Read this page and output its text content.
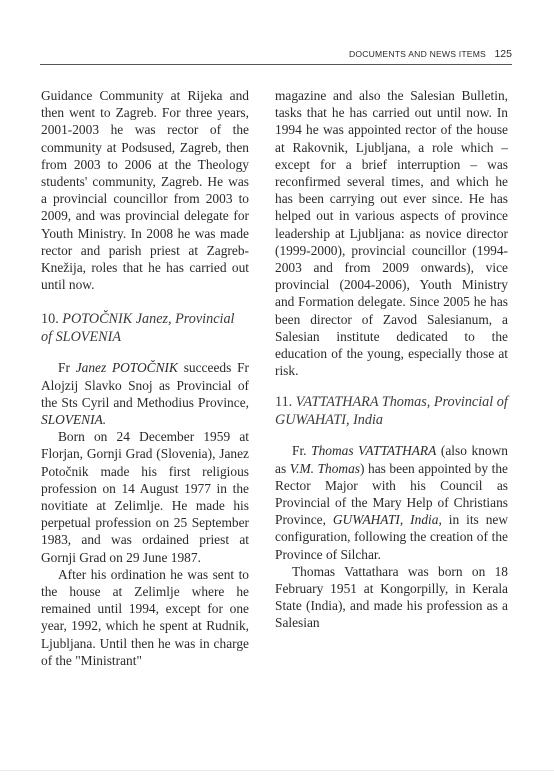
DOCUMENTS AND NEWS ITEMS 125

Guidance Community at Rijeka and then went to Zagreb. For three years, 2001-2003 he was rector of the community at Podsused, Zagreb, then from 2003 to 2006 at the Theology students' community, Zagreb. He was a provincial councillor from 2003 to 2009, and was provincial delegate for Youth Ministry. In 2008 he was made rector and parish priest at Zagreb-Knežija, roles that he has carried out until now.

10. POTOČNIK Janez, Provincial of SLOVENIA

Fr Janez POTOČNIK succeeds Fr Alojzij Slavko Snoj as Provincial of the Sts Cyril and Methodius Province, SLOVENIA.

Born on 24 December 1959 at Florjan, Gornji Grad (Slovenia), Janez Potočnik made his first religious profession on 14 August 1977 in the novitiate at Zelimlje. He made his perpetual profession on 25 September 1983, and was ordained priest at Gornji Grad on 29 June 1987.

After his ordination he was sent to the house at Zelimlje where he remained until 1994, except for one year, 1992, which he spent at Rudnik, Ljubljana. Until then he was in charge of the "Ministrant"

magazine and also the Salesian Bulletin, tasks that he has carried out until now. In 1994 he was appointed rector of the house at Rakovnik, Ljubljana, a role which – except for a brief interruption – was reconfirmed several times, and which he has been carrying out ever since. He has helped out in various aspects of province leadership at Ljubljana: as novice director (1999-2000), provincial councillor (1994-2003 and from 2009 onwards), vice provincial (2004-2006), Youth Ministry and Formation delegate. Since 2005 he has been director of Zavod Salesianum, a Salesian institute dedicated to the education of the young, especially those at risk.

11. VATTATHARA Thomas, Provincial of GUWAHATI, India

Fr. Thomas VATTATHARA (also known as V.M. Thomas) has been appointed by the Rector Major with his Council as Provincial of the Mary Help of Christians Province, GUWAHATI, India, in its new configuration, following the creation of the Province of Silchar.

Thomas Vattathara was born on 18 February 1951 at Kongorpilly, in Kerala State (India), and made his profession as a Salesian
